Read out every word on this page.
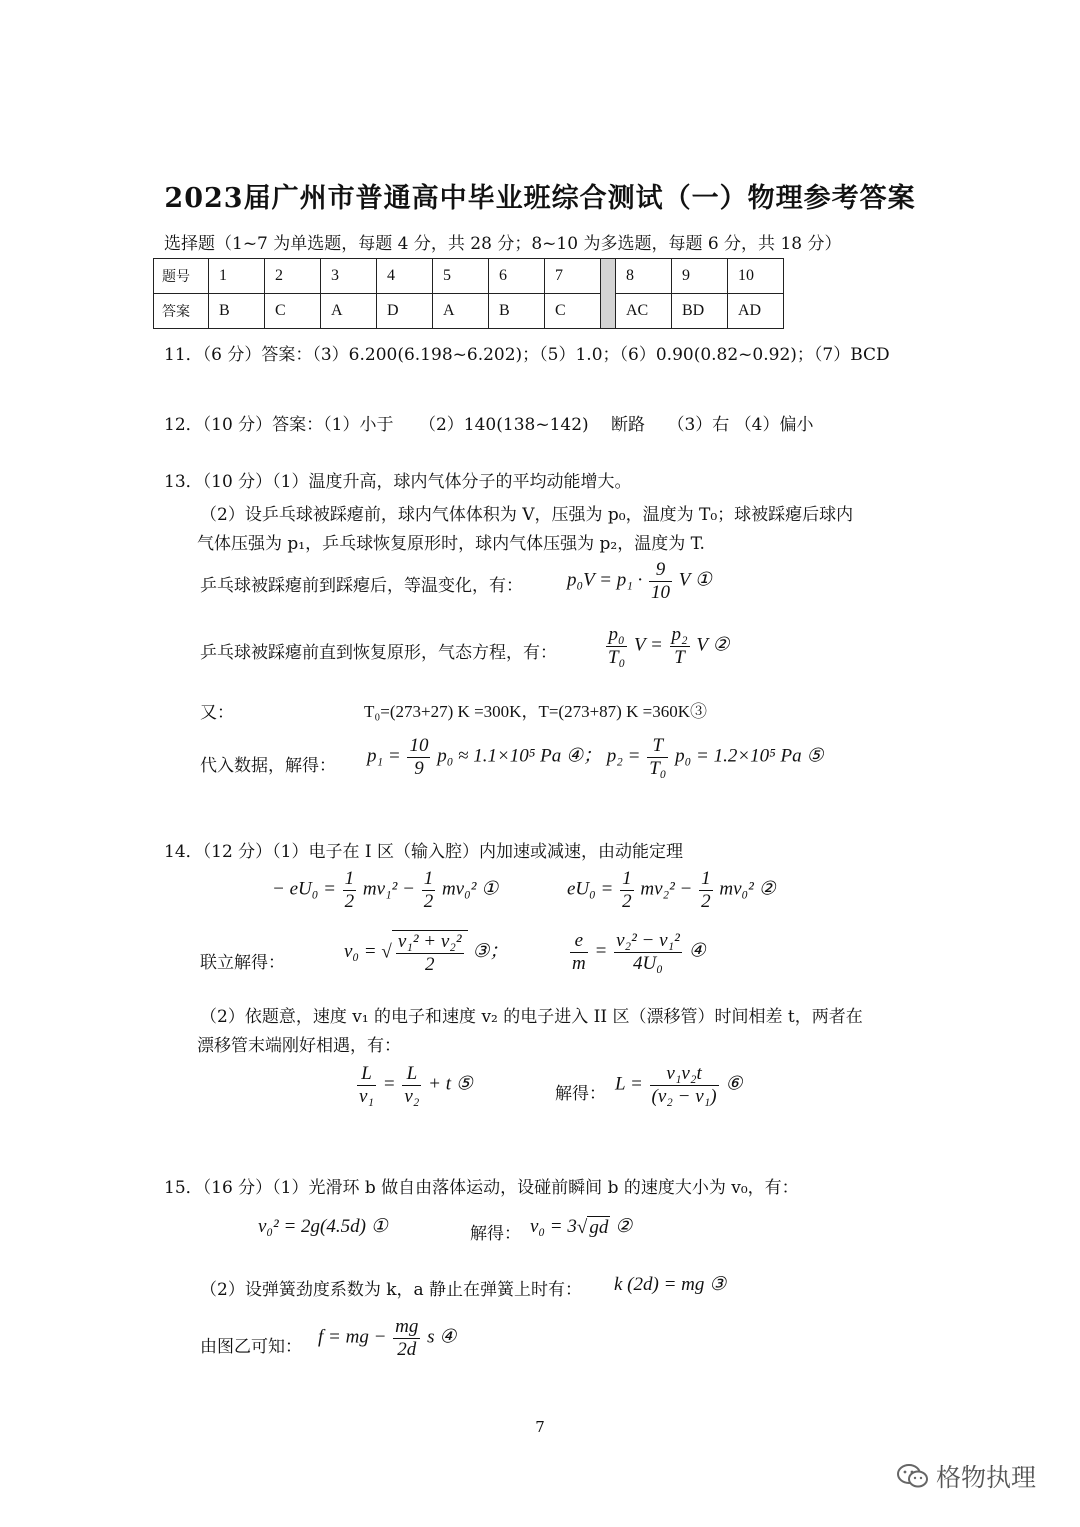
2023届广州市普通高中毕业班综合测试（一）物理参考答案
选择题（1~7 为单选题，每题 4 分，共 28 分；8~10 为多选题，每题 6 分，共 18 分）
题号	1	2	3	4	5	6	7		8	9	10
答案	B	C	A	D	A	B	C		AC	BD	AD
11．（6 分）答案：（3）6.200(6.198~6.202)；（5）1.0；（6）0.90(0.82~0.92)；（7）BCD
12．（10 分）答案：（1）小于　　（2）140(138~142)　 断路　 （3）右 （4）偏小
13．（10 分）（1）温度升高，球内气体分子的平均动能增大。
（2）设乒乓球被踩瘪前，球内气体体积为 V，压强为 p₀，温度为 T₀；球被踩瘪后球内
气体压强为 p₁，乒乓球恢复原形时，球内气体压强为 p₂，温度为 T.
乒乓球被踩瘪前到踩瘪后，等温变化，有： $p_0V = p_1 \cdot \frac{9}{10}$ V ①
乒乓球被踩瘪前直到恢复原形，气态方程，有：	$\frac{\text{p₀}}{\text{T₀}}$ $V = \frac{\text{p₂}}{T}$ V ②
又：	T₀=(273+27) K =300K，T=(273+87) K =360K③
代入数据，解得： $p_1 = \frac{10}{9} p_0 \approx 1.1\times 10^5$ Pa ④； $p_2 = \frac{T}{\text{T₀}} p_0 = 1.2\times 10^5$ Pa ⑤
14．（12 分）（1）电子在 I 区（输入腔）内加速或减速，由动能定理
− $eU_0 = \frac{1}{2} mv_1^2 - \frac{1}{2} mv_0^2$ ①	$eU_0 = \frac{1}{2} mv_2^2 - \frac{1}{2} mv_0^2$ ②
联立解得：
v₀ = √ $\frac{\text{v₁² + v₂²}}{2}$ ③；	$\frac{e}{m} = \frac{\text{v₂² − v₁²}}{\text{4U₀}}$ ④
（2）依题意，速度 v₁ 的电子和速度 v₂ 的电子进入 II 区（漂移管）时间相差 t，两者在
漂移管末端刚好相遇，有：
$\frac{L}{\text{v₁}} = \frac{L}{\text{v₂}} + t$ ⑤	解得： $L = \frac{\text{v₁v₂t}}{\text{(v₂ − v₁)}}$ ⑥
15．（16 分）（1）光滑环 b 做自由落体运动，设碰前瞬间 b 的速度大小为 v₀，有：
v₀² = 2g(4.5d) ①	解得： v₀ = 3√ gd ②
（2）设弹簧劲度系数为 k，a 静止在弹簧上时有： k (2d) = mg ③
由图乙可知： f = mg − $\frac{mg}{2d}$ s ④
7
格物执理
